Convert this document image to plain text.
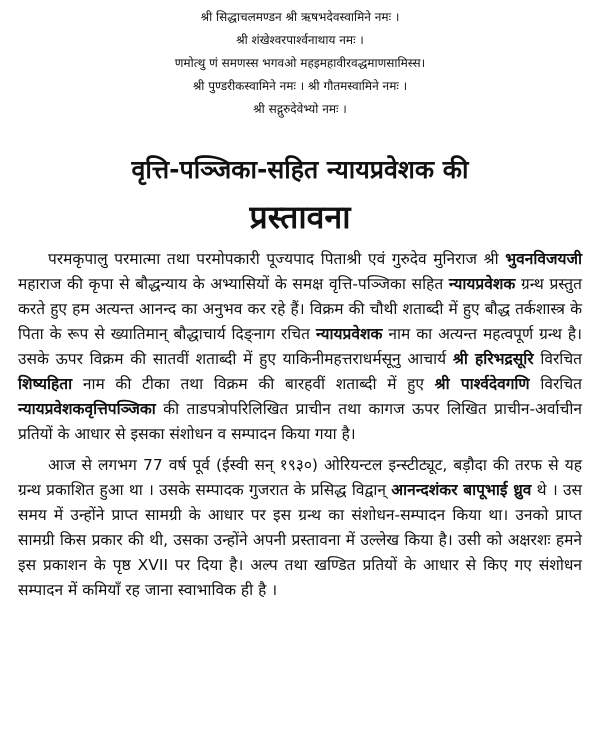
श्री सिद्धाचलमण्डन श्री ऋषभदेवस्वामिने नमः ।
श्री शंखेश्वरपार्श्वनाथाय नमः ।
णमोत्थु णं समणस्स भगवओ महइमहावीरवद्धमाणसामिस्स।
श्री पुण्डरीकस्वामिने नमः । श्री गौतमस्वामिने नमः ।
श्री सद्गुरुदेवेभ्यो नमः ।
वृत्ति-पञ्जिका-सहित न्यायप्रवेशक की
प्रस्तावना

परमकृपालु परमात्मा तथा परमोपकारी पूज्यपाद पिताश्री एवं गुरुदेव मुनिराज श्री भुवनविजयजी महाराज की कृपा से बौद्धन्याय के अभ्यासियों के समक्ष वृत्ति-पञ्जिका सहित न्यायप्रवेशक ग्रन्थ प्रस्तुत करते हुए हम अत्यन्त आनन्द का अनुभव कर रहे हैं। विक्रम की चौथी शताब्दी में हुए बौद्ध तर्कशास्त्र के पिता के रूप से ख्यातिमान् बौद्धाचार्य दिङ्नाग रचित न्यायप्रवेशक नाम का अत्यन्त महत्वपूर्ण ग्रन्थ है। उसके ऊपर विक्रम की सातवीं शताब्दी में हुए याकिनीमहत्तराधर्मसूनु आचार्य श्री हरिभद्रसूरि विरचित शिष्यहिता नाम की टीका तथा विक्रम की बारहवीं शताब्दी में हुए श्री पार्श्वदेवगणि विरचित न्यायप्रवेशकवृत्तिपञ्जिका की ताडपत्रोपरिलिखित प्राचीन तथा कागज ऊपर लिखित प्राचीन-अर्वाचीन प्रतियों के आधार से इसका संशोधन व सम्पादन किया गया है।

आज से लगभग 77 वर्ष पूर्व (ईस्वी सन् १९३०) ओरियन्टल इन्स्टीट्यूट, बड़ौदा की तरफ से यह ग्रन्थ प्रकाशित हुआ था । उसके सम्पादक गुजरात के प्रसिद्ध विद्वान् आनन्दशंकर बापूभाई ध्रुव थे । उस समय में उन्होंने प्राप्त सामग्री के आधार पर इस ग्रन्थ का संशोधन-सम्पादन किया था। उनको प्राप्त सामग्री किस प्रकार की थी, उसका उन्होंने अपनी प्रस्तावना में उल्लेख किया है। उसी को अक्षरशः हमने इस प्रकाशन के पृष्ठ XVII पर दिया है। अल्प तथा खण्डित प्रतियों के आधार से किए गए संशोधन सम्पादन में कमियाँ रह जाना स्वाभाविक ही है ।
